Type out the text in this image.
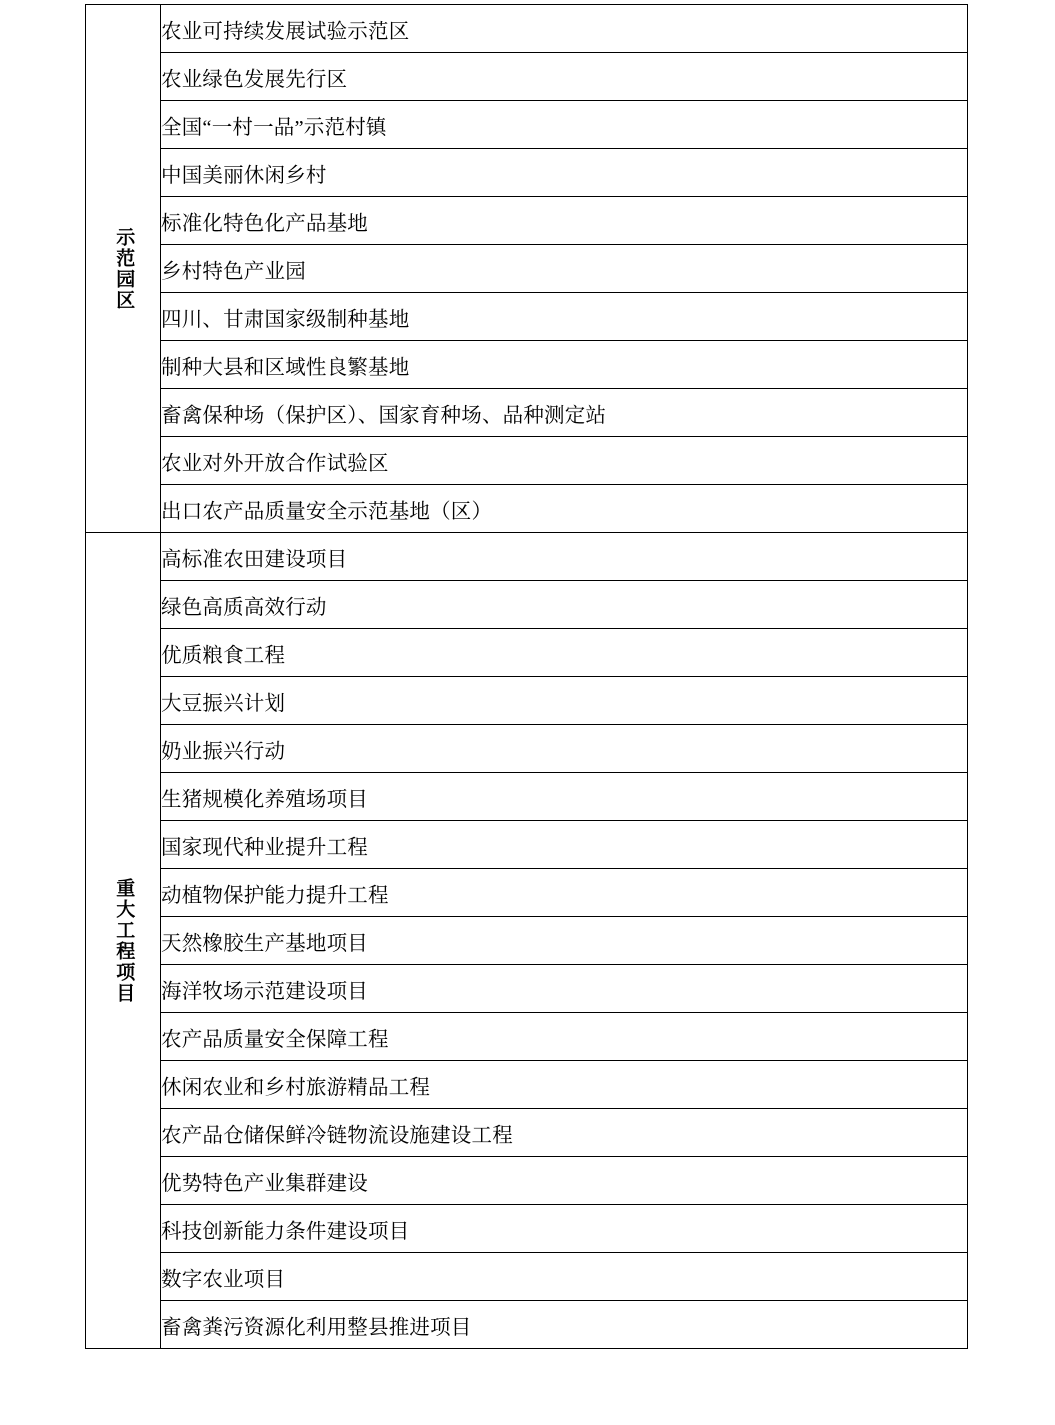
示范园区	农业可持续发展试验示范区
	农业绿色发展先行区
	全国“一村一品”示范村镇
	中国美丽休闲乡村
	标准化特色化产品基地
	乡村特色产业园
	四川、甘肃国家级制种基地
	制种大县和区域性良繁基地
	畜禽保种场（保护区）、国家育种场、品种测定站
	农业对外开放合作试验区
	出口农产品质量安全示范基地（区）

重大工程项目	高标准农田建设项目
	绿色高质高效行动
	优质粮食工程
	大豆振兴计划
	奶业振兴行动
	生猪规模化养殖场项目
	国家现代种业提升工程
	动植物保护能力提升工程
	天然橡胶生产基地项目
	海洋牧场示范建设项目
	农产品质量安全保障工程
	休闲农业和乡村旅游精品工程
	农产品仓储保鲜冷链物流设施建设工程
	优势特色产业集群建设
	科技创新能力条件建设项目
	数字农业项目
	畜禽粪污资源化利用整县推进项目
